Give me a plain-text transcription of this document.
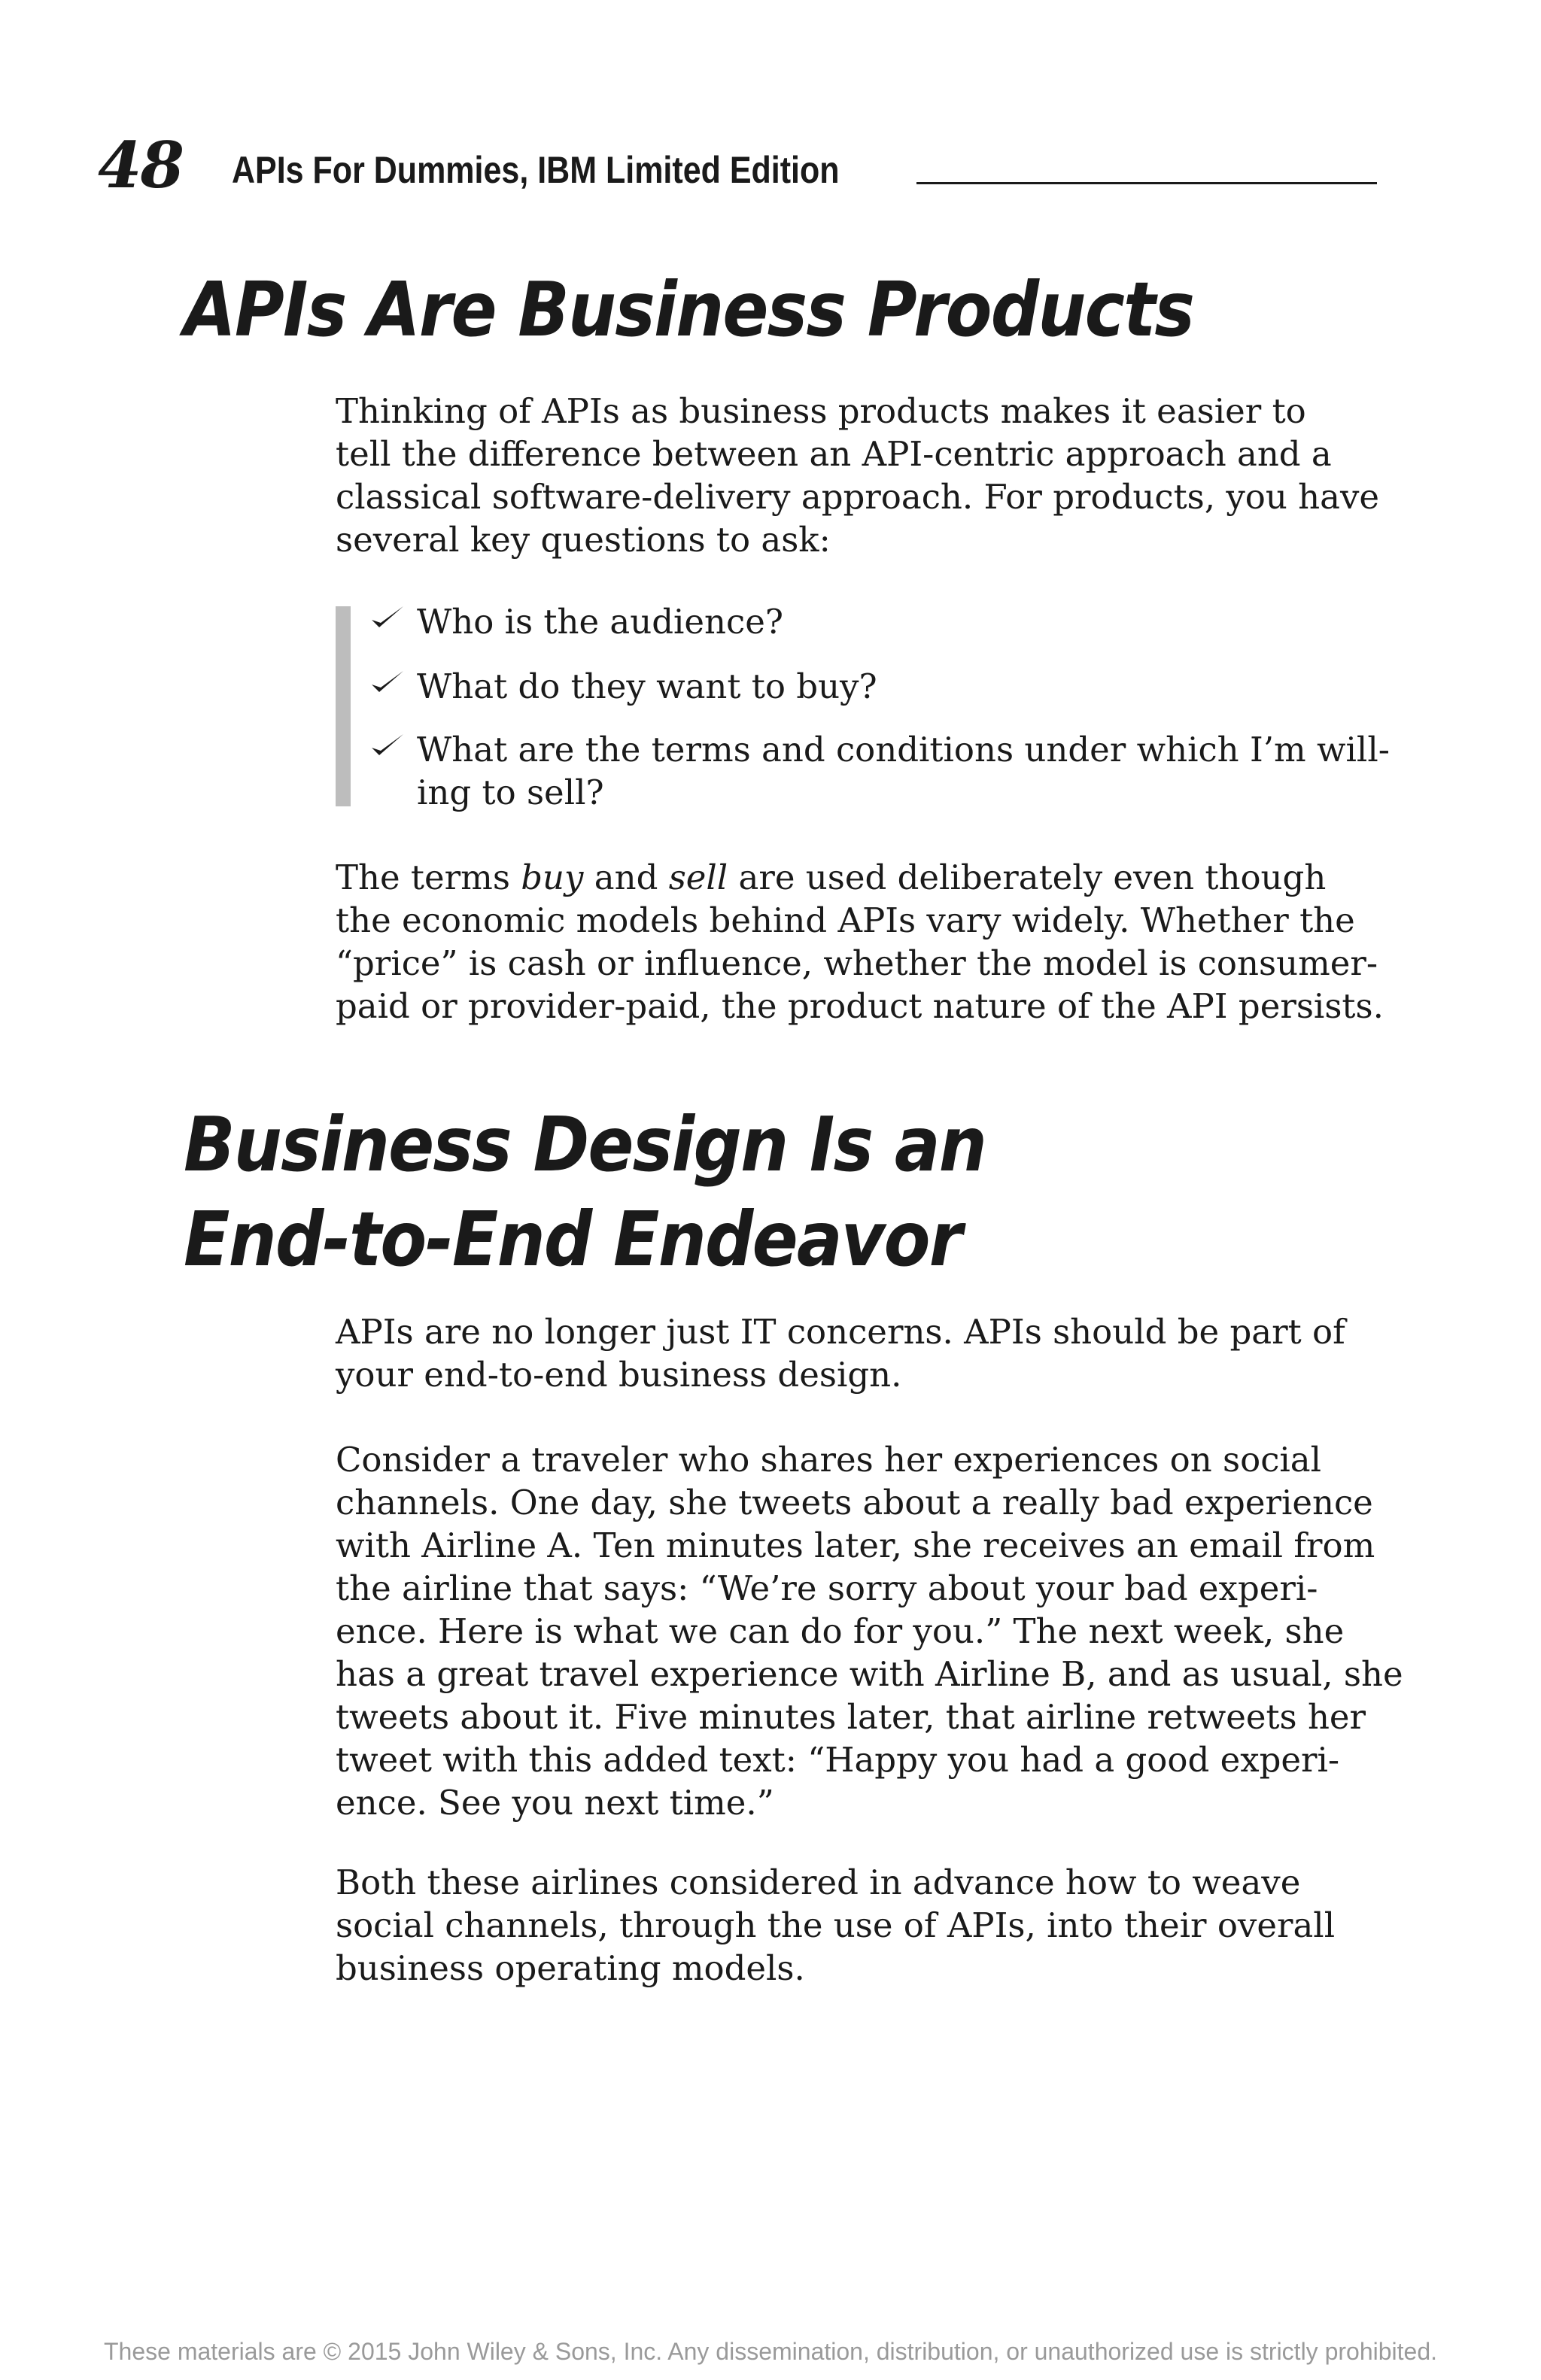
48 APIs For Dummies, IBM Limited Edition
APIs Are Business Products
Thinking of APIs as business products makes it easier to
tell the difference between an API-centric approach and a
classical software-delivery approach. For products, you have
several key questions to ask:
Who is the audience?
What do they want to buy?
What are the terms and conditions under which I’m will-
ing to sell?
The terms buy and sell are used deliberately even though
the economic models behind APIs vary widely. Whether the
“price” is cash or influence, whether the model is consumer-
paid or provider-paid, the product nature of the API persists.
Business Design Is an
End-to-End Endeavor
APIs are no longer just IT concerns. APIs should be part of
your end-to-end business design.
Consider a traveler who shares her experiences on social
channels. One day, she tweets about a really bad experience
with Airline A. Ten minutes later, she receives an email from
the airline that says: “We’re sorry about your bad experi-
ence. Here is what we can do for you.” The next week, she
has a great travel experience with Airline B, and as usual, she
tweets about it. Five minutes later, that airline retweets her
tweet with this added text: “Happy you had a good experi-
ence. See you next time.”
Both these airlines considered in advance how to weave
social channels, through the use of APIs, into their overall
business operating models.
These materials are © 2015 John Wiley & Sons, Inc. Any dissemination, distribution, or unauthorized use is strictly prohibited.
